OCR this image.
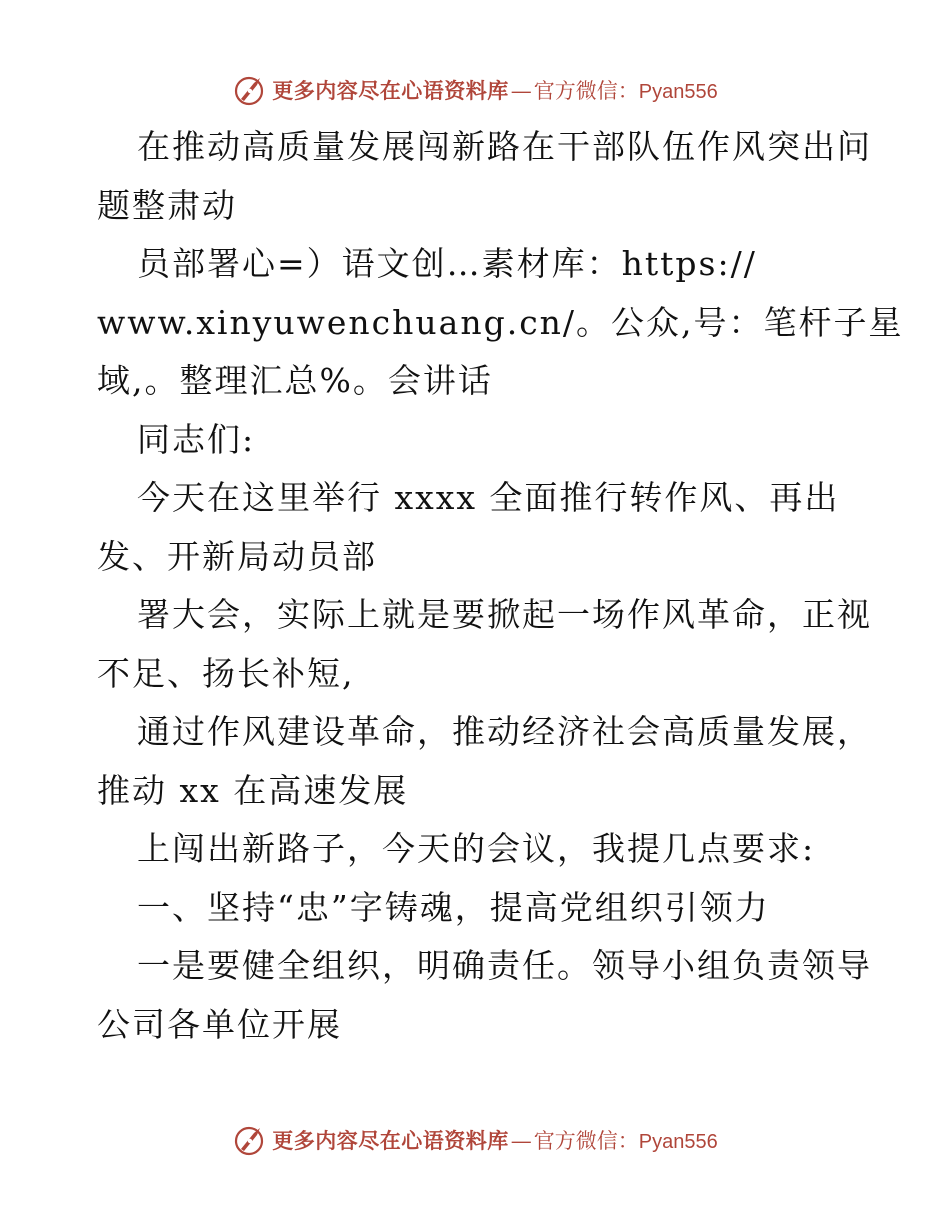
更多内容尽在心语资料库 — 官方微信： Pyan556
在推动高质量发展闯新路在干部队伍作风突出问
题整肃动
员部署心=）语文创…素材库：https://
www.xinyuwenchuang.cn/。公众,号：笔杆子星
域,。整理汇总%。会讲话
同志们:
今天在这里举行 xxxx 全面推行转作风、再出
发、开新局动员部
署大会，实际上就是要掀起一场作风革命，正视
不足、扬长补短,
通过作风建设革命，推动经济社会高质量发展，
推动 xx 在高速发展
上闯出新路子，今天的会议，我提几点要求:
一、坚持“忠”字铸魂，提高党组织引领力
一是要健全组织，明确责任。领导小组负责领导
公司各单位开展
更多内容尽在心语资料库 — 官方微信： Pyan556
